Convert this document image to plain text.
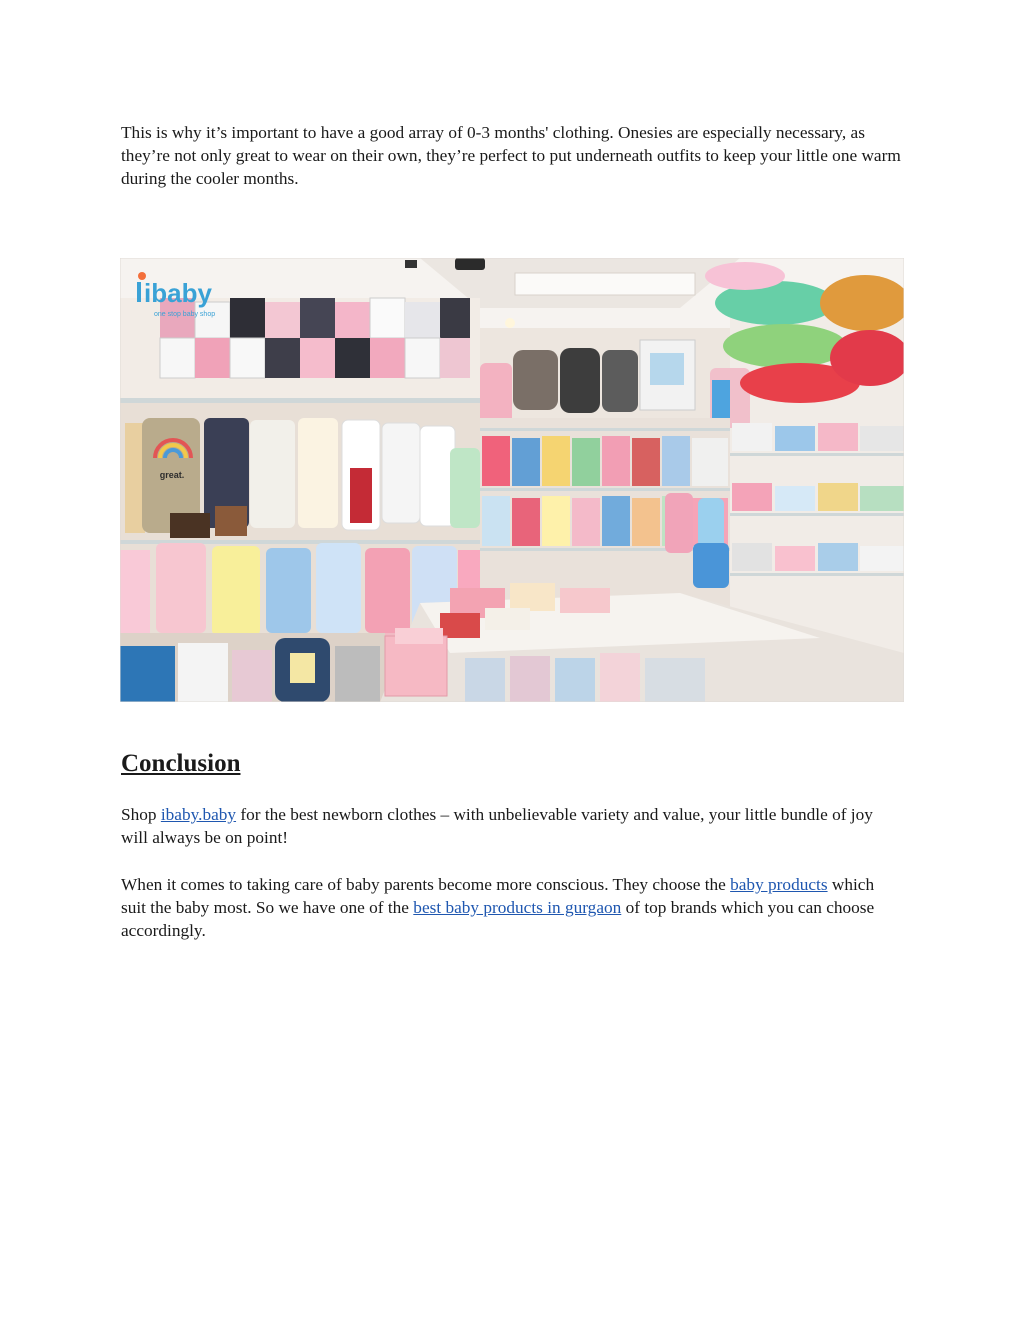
This is why it’s important to have a good array of 0-3 months' clothing. Onesies are especially necessary, as they’re not only great to wear on their own, they’re perfect to put underneath outfits to keep your little one warm during the cooler months.

great.
ibaby
one stop baby shop
Conclusion

Shop ibaby.baby for the best newborn clothes – with unbelievable variety and value, your little bundle of joy will always be on point!

When it comes to taking care of baby parents become more conscious. They choose the baby products which suit the baby most. So we have one of the best baby products in gurgaon of top brands which you can choose accordingly.
